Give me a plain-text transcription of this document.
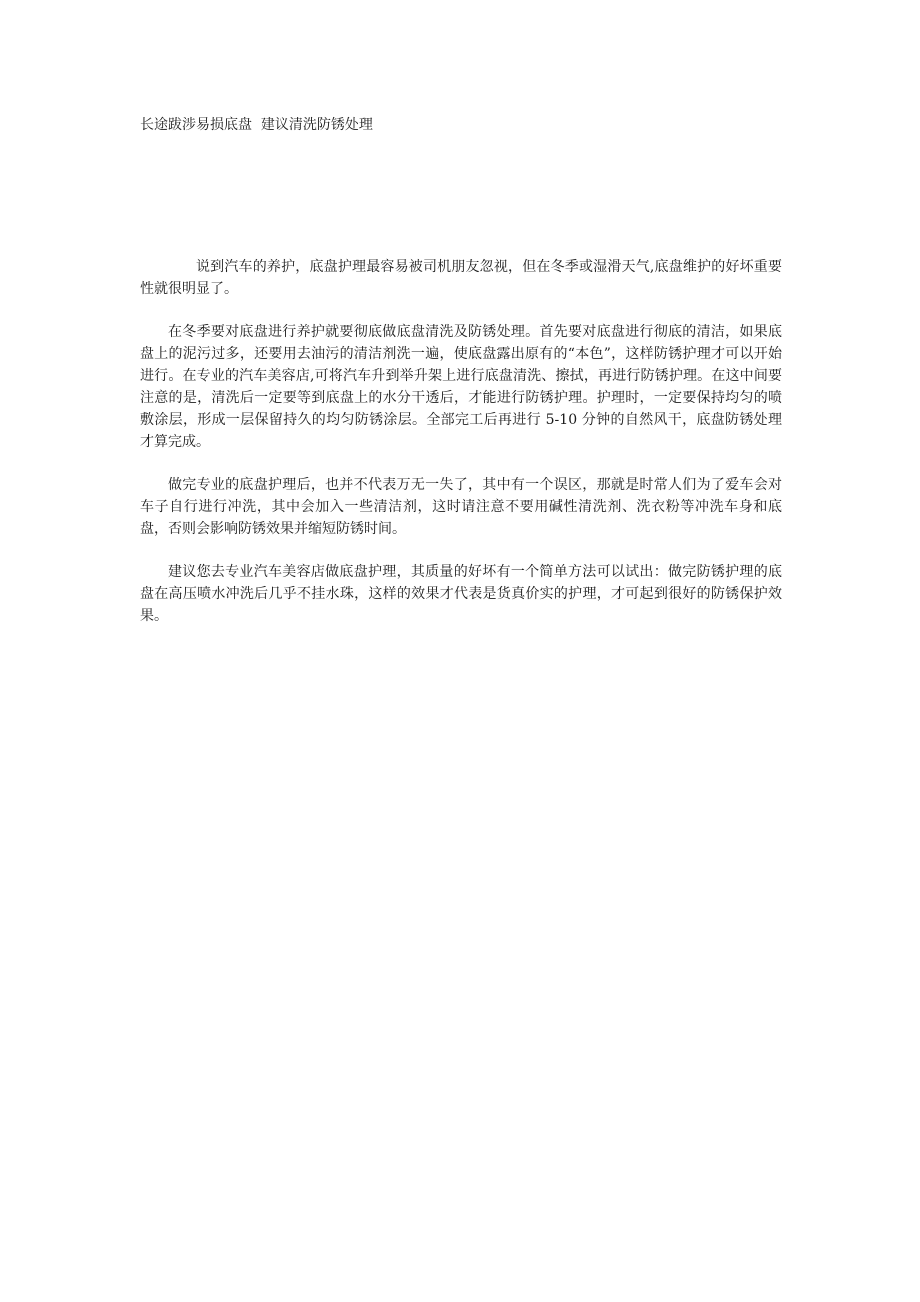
长途跋涉易损底盘  建议清洗防锈处理

说到汽车的养护，底盘护理最容易被司机朋友忽视，但在冬季或湿滑天气,底盘维护的好坏重要性就很明显了。

在冬季要对底盘进行养护就要彻底做底盘清洗及防锈处理。首先要对底盘进行彻底的清洁，如果底盘上的泥污过多，还要用去油污的清洁剂洗一遍，使底盘露出原有的“本色”，这样防锈护理才可以开始进行。在专业的汽车美容店,可将汽车升到举升架上进行底盘清洗、擦拭，再进行防锈护理。在这中间要注意的是，清洗后一定要等到底盘上的水分干透后，才能进行防锈护理。护理时，一定要保持均匀的喷敷涂层，形成一层保留持久的均匀防锈涂层。全部完工后再进行 5-10 分钟的自然风干，底盘防锈处理才算完成。

做完专业的底盘护理后，也并不代表万无一失了，其中有一个误区，那就是时常人们为了爱车会对车子自行进行冲洗，其中会加入一些清洁剂，这时请注意不要用碱性清洗剂、洗衣粉等冲洗车身和底盘，否则会影响防锈效果并缩短防锈时间。

建议您去专业汽车美容店做底盘护理，其质量的好坏有一个简单方法可以试出：做完防锈护理的底盘在高压喷水冲洗后几乎不挂水珠，这样的效果才代表是货真价实的护理，才可起到很好的防锈保护效果。
